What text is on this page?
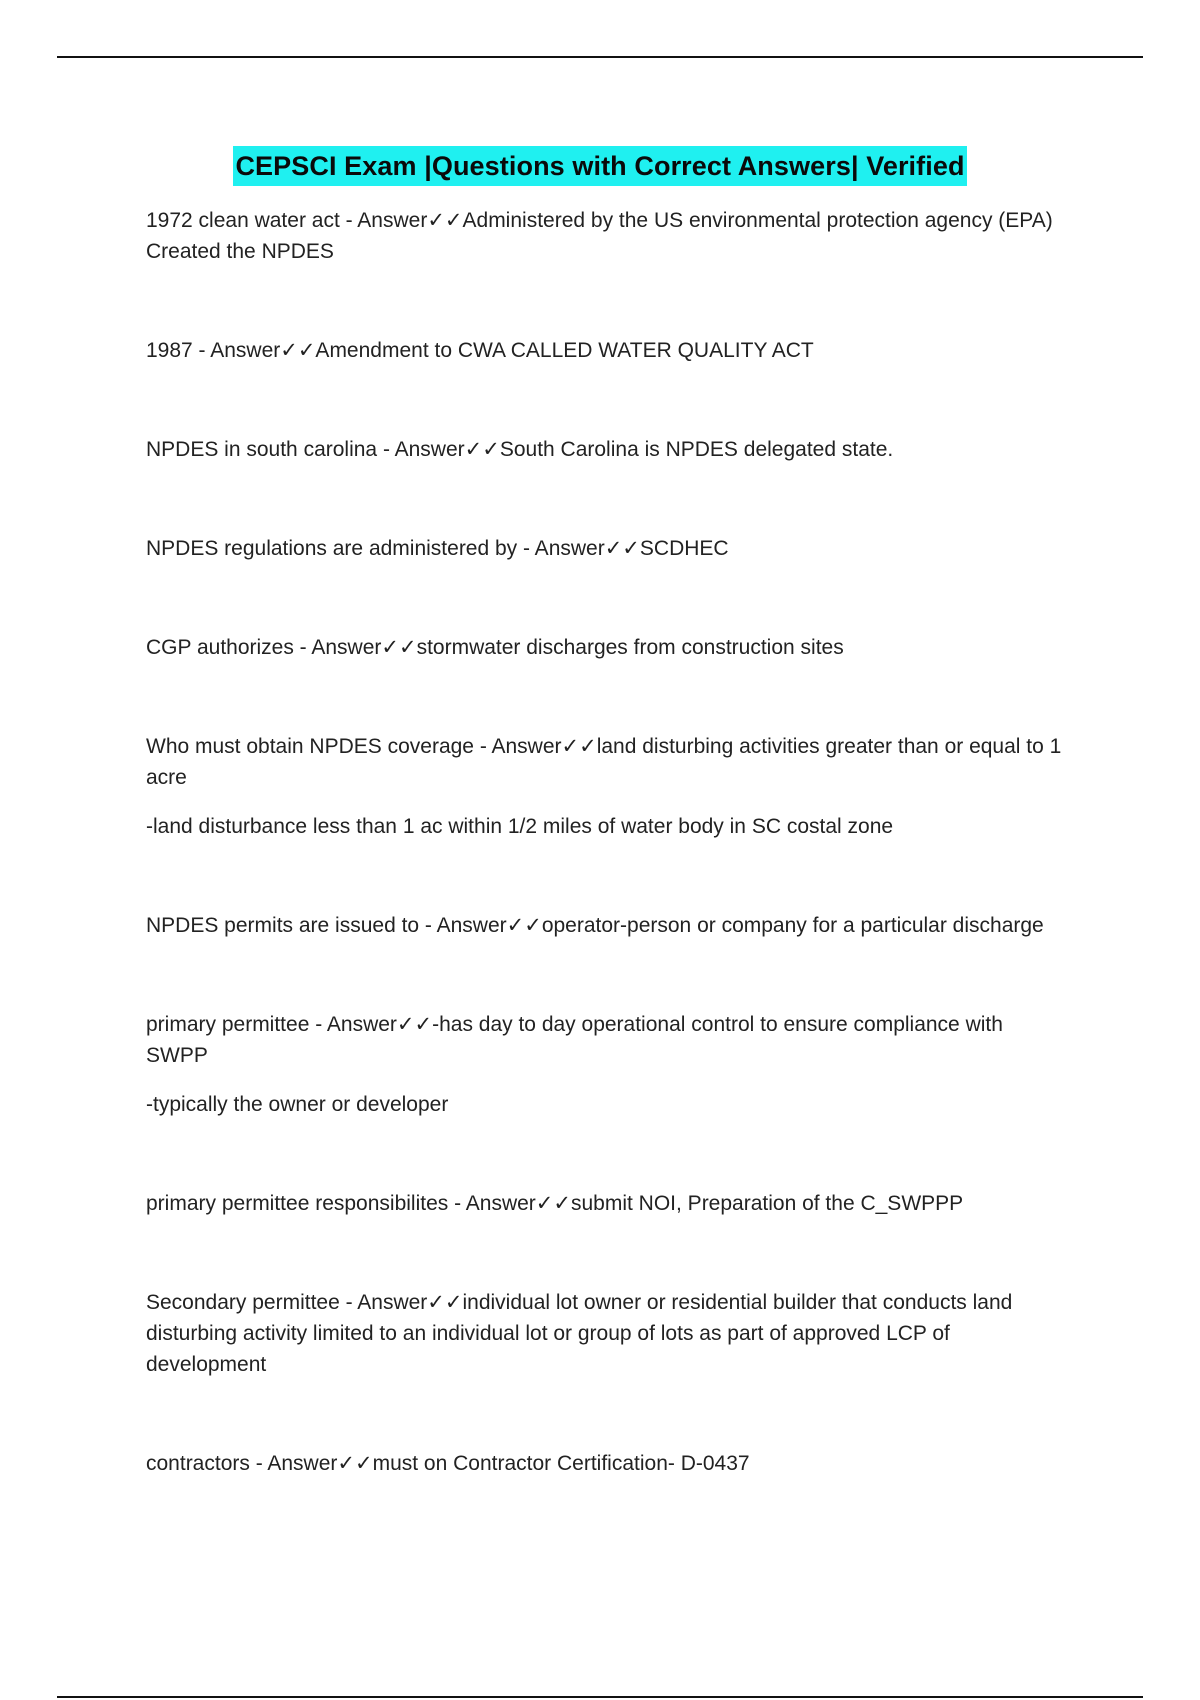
CEPSCI Exam |Questions with Correct Answers| Verified

1972 clean water act - Answer✓✓Administered by the US environmental protection agency (EPA) Created the NPDES

1987 - Answer✓✓Amendment to CWA CALLED WATER QUALITY ACT

NPDES in south carolina - Answer✓✓South Carolina is NPDES delegated state.

NPDES regulations are administered by - Answer✓✓SCDHEC

CGP authorizes - Answer✓✓stormwater discharges from construction sites

Who must obtain NPDES coverage - Answer✓✓land disturbing activities greater than or equal to 1 acre

-land disturbance less than 1 ac within 1/2 miles of water body in SC costal zone

NPDES permits are issued to - Answer✓✓operator-person or company for a particular discharge

primary permittee - Answer✓✓-has day to day operational control to ensure compliance with SWPP

-typically the owner or developer

primary permittee responsibilites - Answer✓✓submit NOI, Preparation of the C_SWPPP

Secondary permittee - Answer✓✓individual lot owner or residential builder that conducts land disturbing activity limited to an individual lot or group of lots as part of approved LCP of development

contractors - Answer✓✓must on Contractor Certification- D-0437
